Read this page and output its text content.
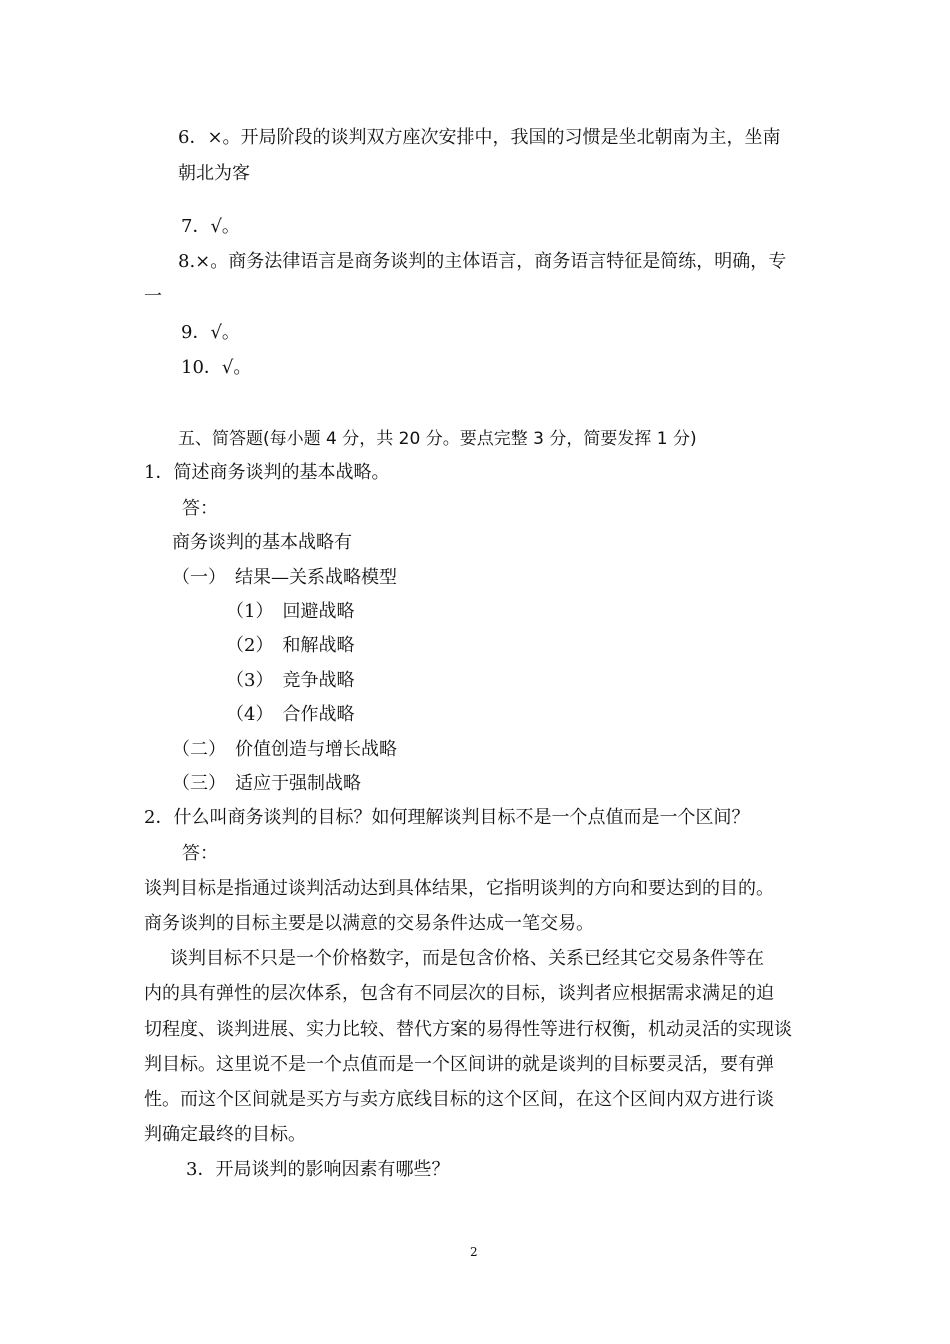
6．×。开局阶段的谈判双方座次安排中，我国的习惯是坐北朝南为主，坐南
朝北为客
7．√。
8.×。商务法律语言是商务谈判的主体语言，商务语言特征是简练，明确，专
一
9．√。
10．√。
五、简答题(每小题 4 分，共 20 分。要点完整 3 分，简要发挥 1 分)
1．简述商务谈判的基本战略。
答：
商务谈判的基本战略有
（一）　结果—关系战略模型
（1）　回避战略
（2）　和解战略
（3）　竞争战略
（4）　合作战略
（二）　价值创造与增长战略
（三）　适应于强制战略
2．什么叫商务谈判的目标？如何理解谈判目标不是一个点值而是一个区间？
答：
谈判目标是指通过谈判活动达到具体结果，它指明谈判的方向和要达到的目的。
商务谈判的目标主要是以满意的交易条件达成一笔交易。
谈判目标不只是一个价格数字，而是包含价格、关系已经其它交易条件等在
内的具有弹性的层次体系，包含有不同层次的目标，谈判者应根据需求满足的迫
切程度、谈判进展、实力比较、替代方案的易得性等进行权衡，机动灵活的实现谈
判目标。这里说不是一个点值而是一个区间讲的就是谈判的目标要灵活，要有弹
性。而这个区间就是买方与卖方底线目标的这个区间，在这个区间内双方进行谈
判确定最终的目标。
3．开局谈判的影响因素有哪些？
2
